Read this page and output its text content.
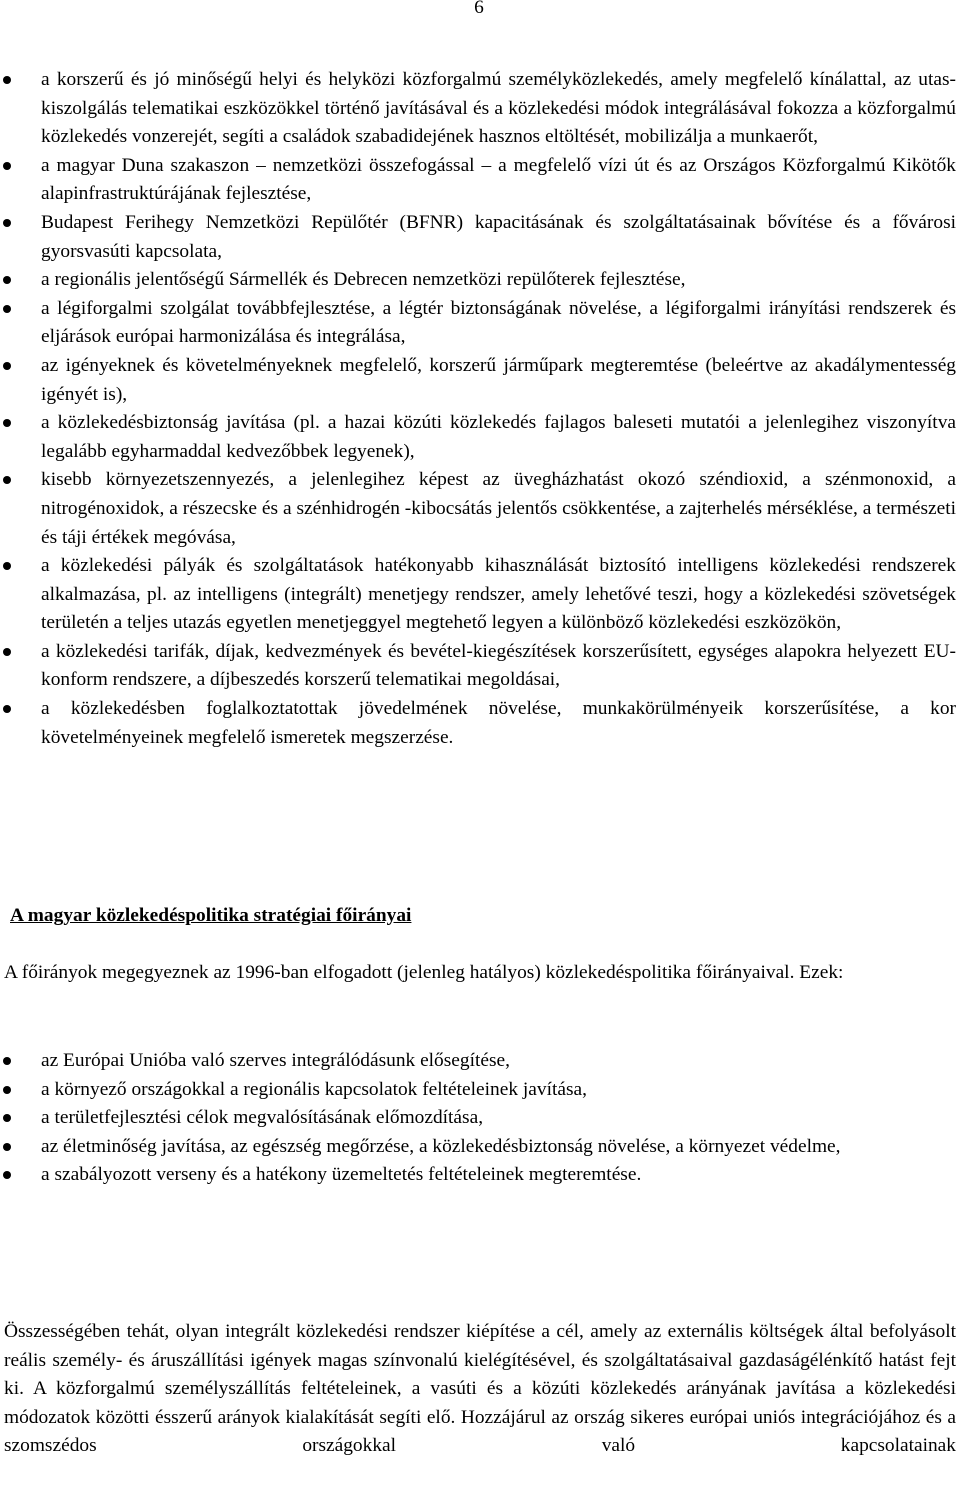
6
a korszerű és jó minőségű helyi és helyközi közforgalmú személyközlekedés, amely megfelelő kínálattal, az utas-kiszolgálás telematikai eszközökkel történő javításával és a közlekedési módok integrálásával fokozza a közforgalmú közlekedés vonzerejét, segíti a családok szabadidejének hasznos eltöltését, mobilizálja a munkaerőt,
a magyar Duna szakaszon – nemzetközi összefogással – a megfelelő vízi út és az Országos Közforgalmú Kikötők alapinfrastruktúrájának fejlesztése,
Budapest Ferihegy Nemzetközi Repülőtér (BFNR) kapacitásának és szolgáltatásainak bővítése és a fővárosi gyorsvasúti kapcsolata,
a regionális jelentőségű Sármellék és Debrecen nemzetközi repülőterek fejlesztése,
a légiforgalmi szolgálat továbbfejlesztése, a légtér biztonságának növelése, a légiforgalmi irányítási rendszerek és eljárások európai harmonizálása és integrálása,
az igényeknek és követelményeknek megfelelő, korszerű járműpark megteremtése (beleértve az akadálymentesség igényét is),
a közlekedésbiztonság javítása (pl. a hazai közúti közlekedés fajlagos baleseti mutatói a jelenlegihez viszonyítva legalább egyharmaddal kedvezőbbek legyenek),
kisebb környezetszennyezés, a jelenlegihez képest az üvegházhatást okozó széndioxid, a szénmonoxid, a nitrogénoxidok, a részecske és a szénhidrogén -kibocsátás jelentős csökkentése, a zajterhelés mérséklése, a természeti és táji értékek megóvása,
a közlekedési pályák és szolgáltatások hatékonyabb kihasználását biztosító intelligens közlekedési rendszerek alkalmazása, pl. az intelligens (integrált) menetjegy rendszer, amely lehetővé teszi, hogy a közlekedési szövetségek területén a teljes utazás egyetlen menetjeggyel megtehető legyen a különböző közlekedési eszközökön,
a közlekedési tarifák, díjak, kedvezmények és bevétel-kiegészítések korszerűsített, egységes alapokra helyezett EU-konform rendszere, a díjbeszedés korszerű telematikai megoldásai,
a közlekedésben foglalkoztatottak jövedelmének növelése, munkakörülményeik korszerűsítése, a kor követelményeinek megfelelő ismeretek megszerzése.
A magyar közlekedéspolitika stratégiai főirányai

A főirányok megegyeznek az 1996-ban elfogadott (jelenleg hatályos) közlekedéspolitika főirányaival. Ezek:

az Európai Unióba való szerves integrálódásunk elősegítése,
a környező országokkal a regionális kapcsolatok feltételeinek javítása,
a területfejlesztési célok megvalósításának előmozdítása,
az életminőség javítása, az egészség megőrzése, a közlekedésbiztonság növelése, a környezet védelme,
a szabályozott verseny és a hatékony üzemeltetés feltételeinek megteremtése.

Összességében tehát, olyan integrált közlekedési rendszer kiépítése a cél, amely az externális költségek által befolyásolt reális személy- és áruszállítási igények magas színvonalú kielégítésével, és szolgáltatásaival gazdaságélénkítő hatást fejt ki. A közforgalmú személyszállítás feltételeinek, a vasúti és a közúti közlekedés arányának javítása a közlekedési módozatok közötti ésszerű arányok kialakítását segíti elő. Hozzájárul az ország sikeres európai uniós integrációjához és a szomszédos országokkal való kapcsolatainak
